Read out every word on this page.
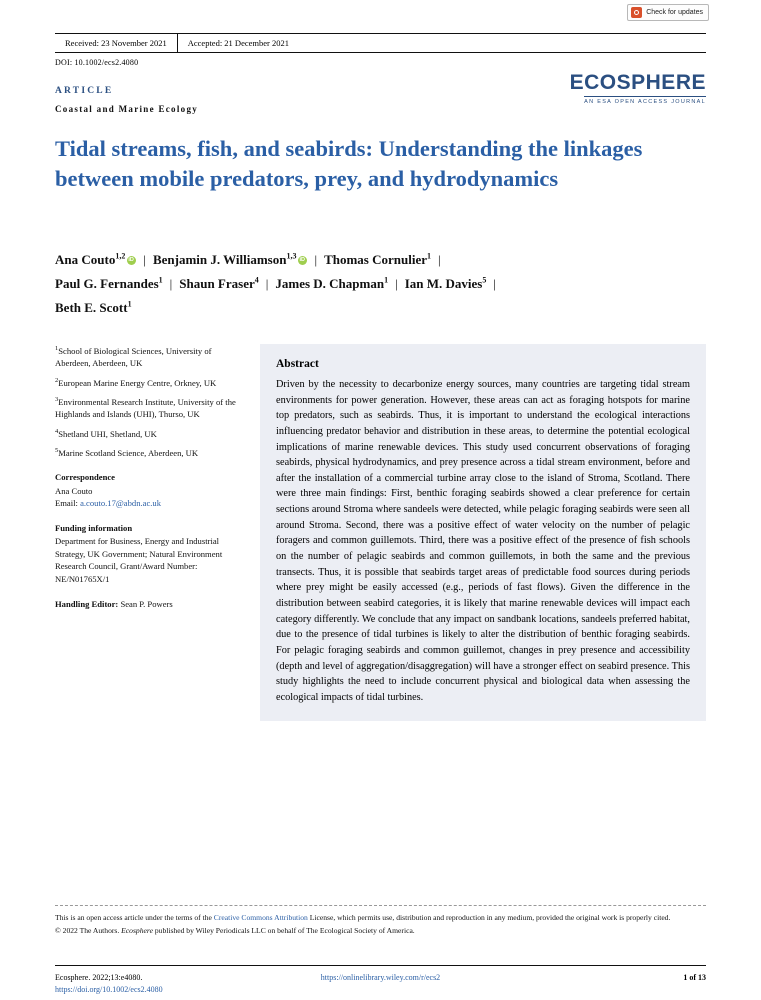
Check for updates
Received: 23 November 2021	Accepted: 21 December 2021
DOI: 10.1002/ecs2.4080
ECOSPHERE
AN ESA OPEN ACCESS JOURNAL
ARTICLE
Coastal and Marine Ecology
Tidal streams, fish, and seabirds: Understanding the linkages between mobile predators, prey, and hydrodynamics
Ana Couto$^{1,2}$ iD | Benjamin J. Williamson$^{1,3}$ iD | Thomas Cornulier$^1$ |
Paul G. Fernandes$^1$ | Shaun Fraser$^4$ | James D. Chapman$^1$ | Ian M. Davies$^5$ |
Beth E. Scott$^1$
$^1$School of Biological Sciences, University of Aberdeen, Aberdeen, UK
$^2$European Marine Energy Centre, Orkney, UK
$^3$Environmental Research Institute, University of the Highlands and Islands (UHI), Thurso, UK
$^4$Shetland UHI, Shetland, UK
$^5$Marine Scotland Science, Aberdeen, UK
Correspondence
Ana Couto
Email: a.couto.17@abdn.ac.uk
Funding information
Department for Business, Energy and Industrial Strategy, UK Government; Natural Environment Research Council, Grant/Award Number: NE/N01765X/1
Handling Editor: Sean P. Powers
Abstract

Driven by the necessity to decarbonize energy sources, many countries are targeting tidal stream environments for power generation. However, these areas can act as foraging hotspots for marine top predators, such as seabirds. Thus, it is important to understand the ecological interactions influencing predator behavior and distribution in these areas, to determine the potential ecological implications of marine renewable devices. This study used concurrent observations of foraging seabirds, physical hydrodynamics, and prey presence across a tidal stream environment, before and after the installation of a commercial turbine array close to the island of Stroma, Scotland. There were three main findings: First, benthic foraging seabirds showed a clear preference for certain sections around Stroma where sandeels were detected, while pelagic foraging seabirds were seen all around Stroma. Second, there was a positive effect of water velocity on the number of pelagic foragers and common guillemots. Third, there was a positive effect of the presence of fish schools on the number of pelagic seabirds and common guillemots, in both the same and the previous transects. Thus, it is possible that seabirds target areas of predictable food sources during periods where prey might be easily accessed (e.g., periods of fast flows). Given the difference in the distribution between seabird categories, it is likely that marine renewable devices will impact each category differently. We conclude that any impact on sandbank locations, sandeels preferred habitat, due to the presence of tidal turbines is likely to alter the distribution of benthic foraging seabirds. For pelagic foraging seabirds and common guillemot, changes in prey presence and accessibility (depth and level of aggregation/disaggregation) will have a stronger effect on seabird presence. This study highlights the need to include concurrent physical and biological data when assessing the ecological impacts of tidal turbines.

This is an open access article under the terms of the Creative Commons Attribution License, which permits use, distribution and reproduction in any medium, provided the original work is properly cited.
© 2022 The Authors. Ecosphere published by Wiley Periodicals LLC on behalf of The Ecological Society of America.
Ecosphere. 2022;13:e4080.
https://doi.org/10.1002/ecs2.4080
https://onlinelibrary.wiley.com/r/ecs2	1 of 13
